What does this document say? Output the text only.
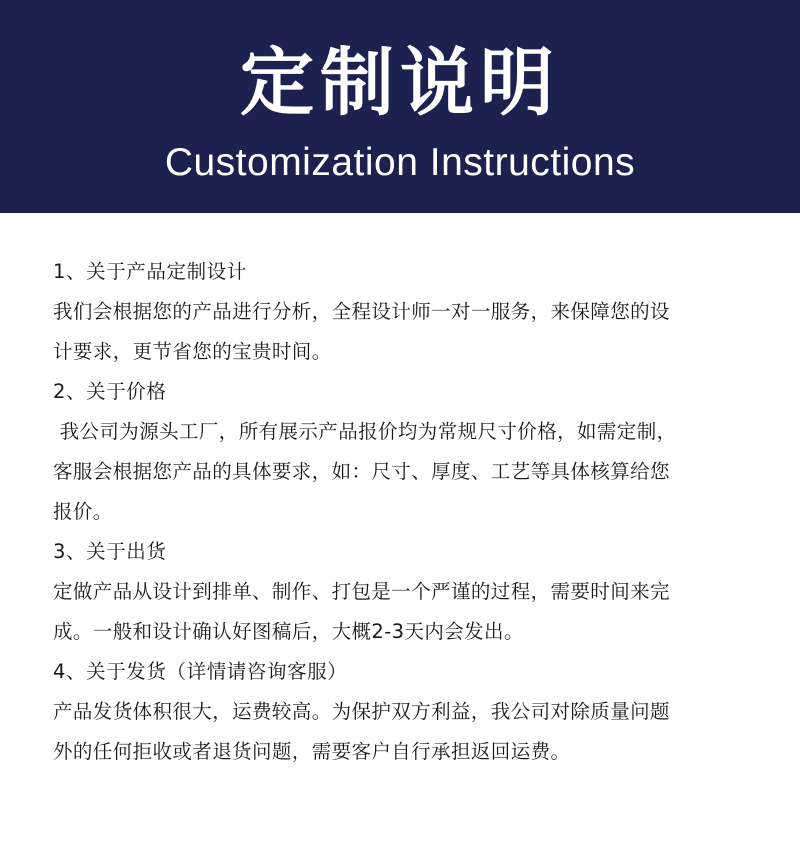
定制说明
Customization Instructions

1、关于产品定制设计

我们会根据您的产品进行分析，全程设计师一对一服务，来保障您的设

计要求，更节省您的宝贵时间。

2、关于价格

我公司为源头工厂，所有展示产品报价均为常规尺寸价格，如需定制，

客服会根据您产品的具体要求，如：尺寸、厚度、工艺等具体核算给您

报价。

3、关于出货

定做产品从设计到排单、制作、打包是一个严谨的过程，需要时间来完

成。一般和设计确认好图稿后，大概2-3天内会发出。

4、关于发货（详情请咨询客服）

产品发货体积很大，运费较高。为保护双方利益，我公司对除质量问题

外的任何拒收或者退货问题，需要客户自行承担返回运费。
